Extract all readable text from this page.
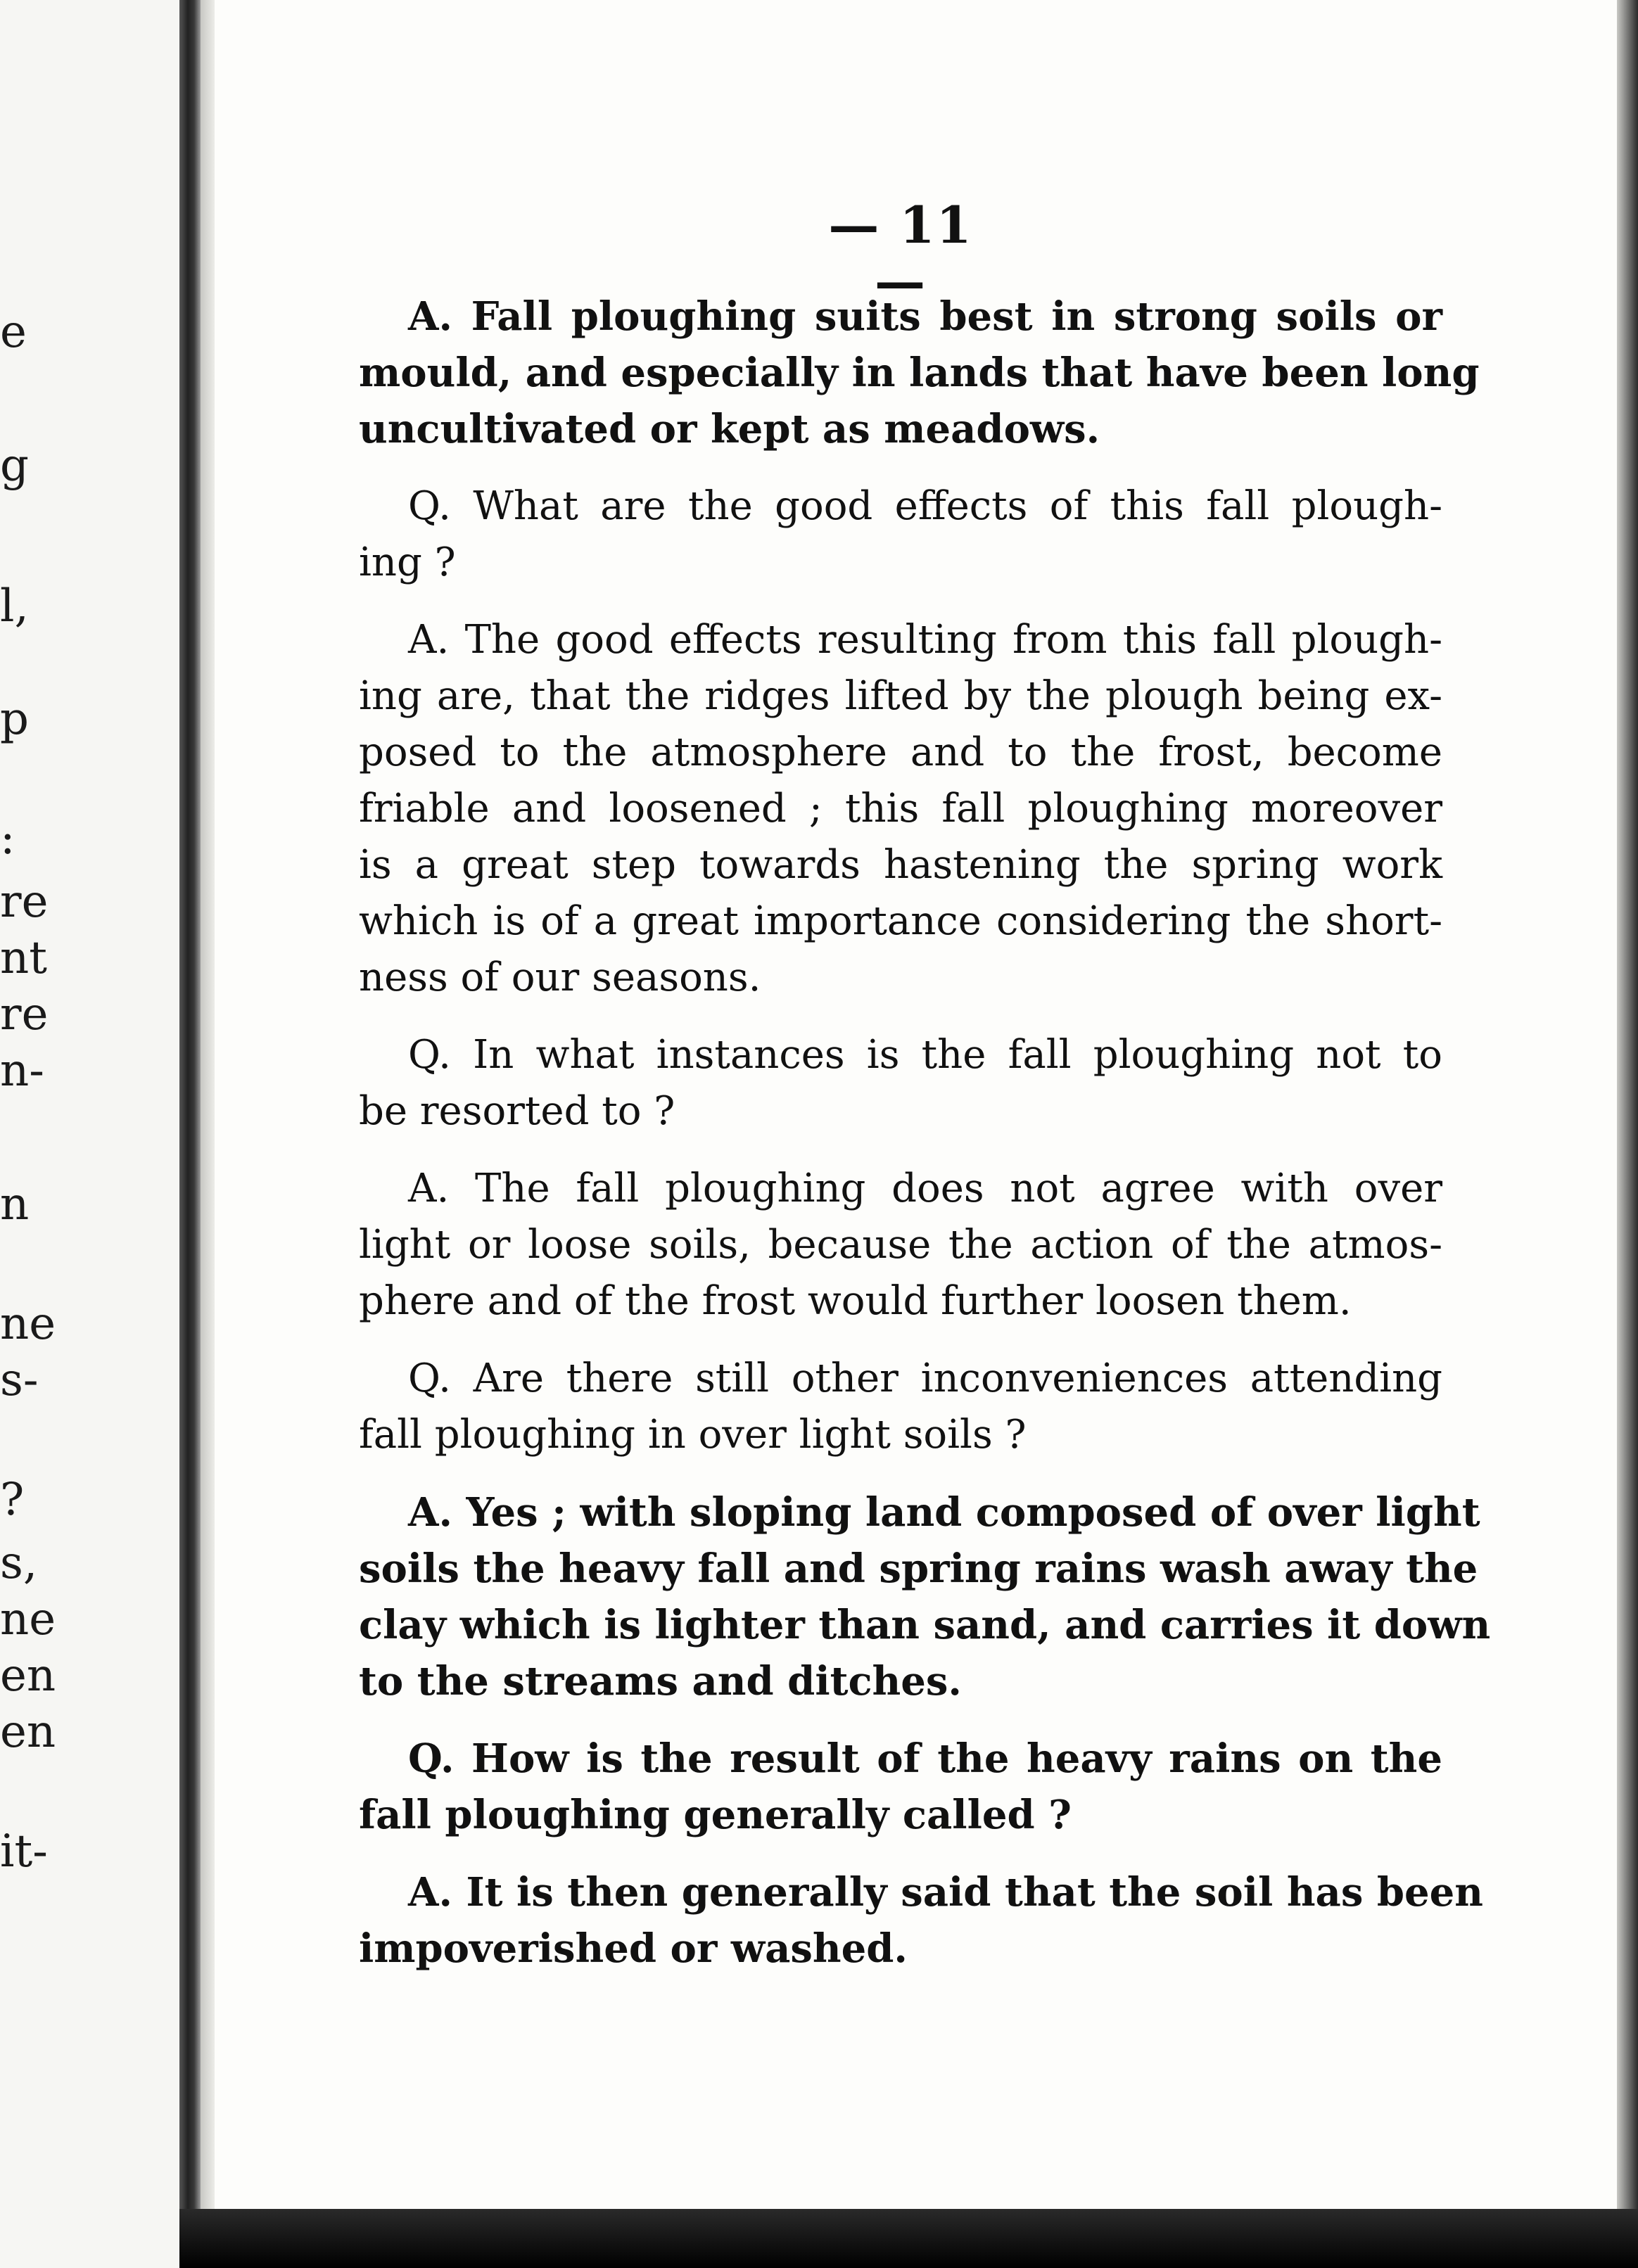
e
g
l,
p
:
re
nt
re
n-
n
ne
s-
?
s,
ne
en
en
it-
— 11 —
A. Fall ploughing suits best in strong soils or
mould, and especially in lands that have been long
uncultivated or kept as meadows.
Q. What are the good effects of this fall plough-
ing ?
A. The good effects resulting from this fall plough-
ing are, that the ridges lifted by the plough being ex-
posed to the atmosphere and to the frost, become
friable and loosened ; this fall ploughing moreover
is a great step towards hastening the spring work
which is of a great importance considering the short-
ness of our seasons.
Q. In what instances is the fall ploughing not to
be resorted to ?
A. The fall ploughing does not agree with over
light or loose soils, because the action of the atmos-
phere and of the frost would further loosen them.
Q. Are there still other inconveniences attending
fall ploughing in over light soils ?
A. Yes ; with sloping land composed of over light
soils the heavy fall and spring rains wash away the
clay which is lighter than sand, and carries it down
to the streams and ditches.
Q. How is the result of the heavy rains on the
fall ploughing generally called ?
A. It is then generally said that the soil has been
impoverished or washed.
